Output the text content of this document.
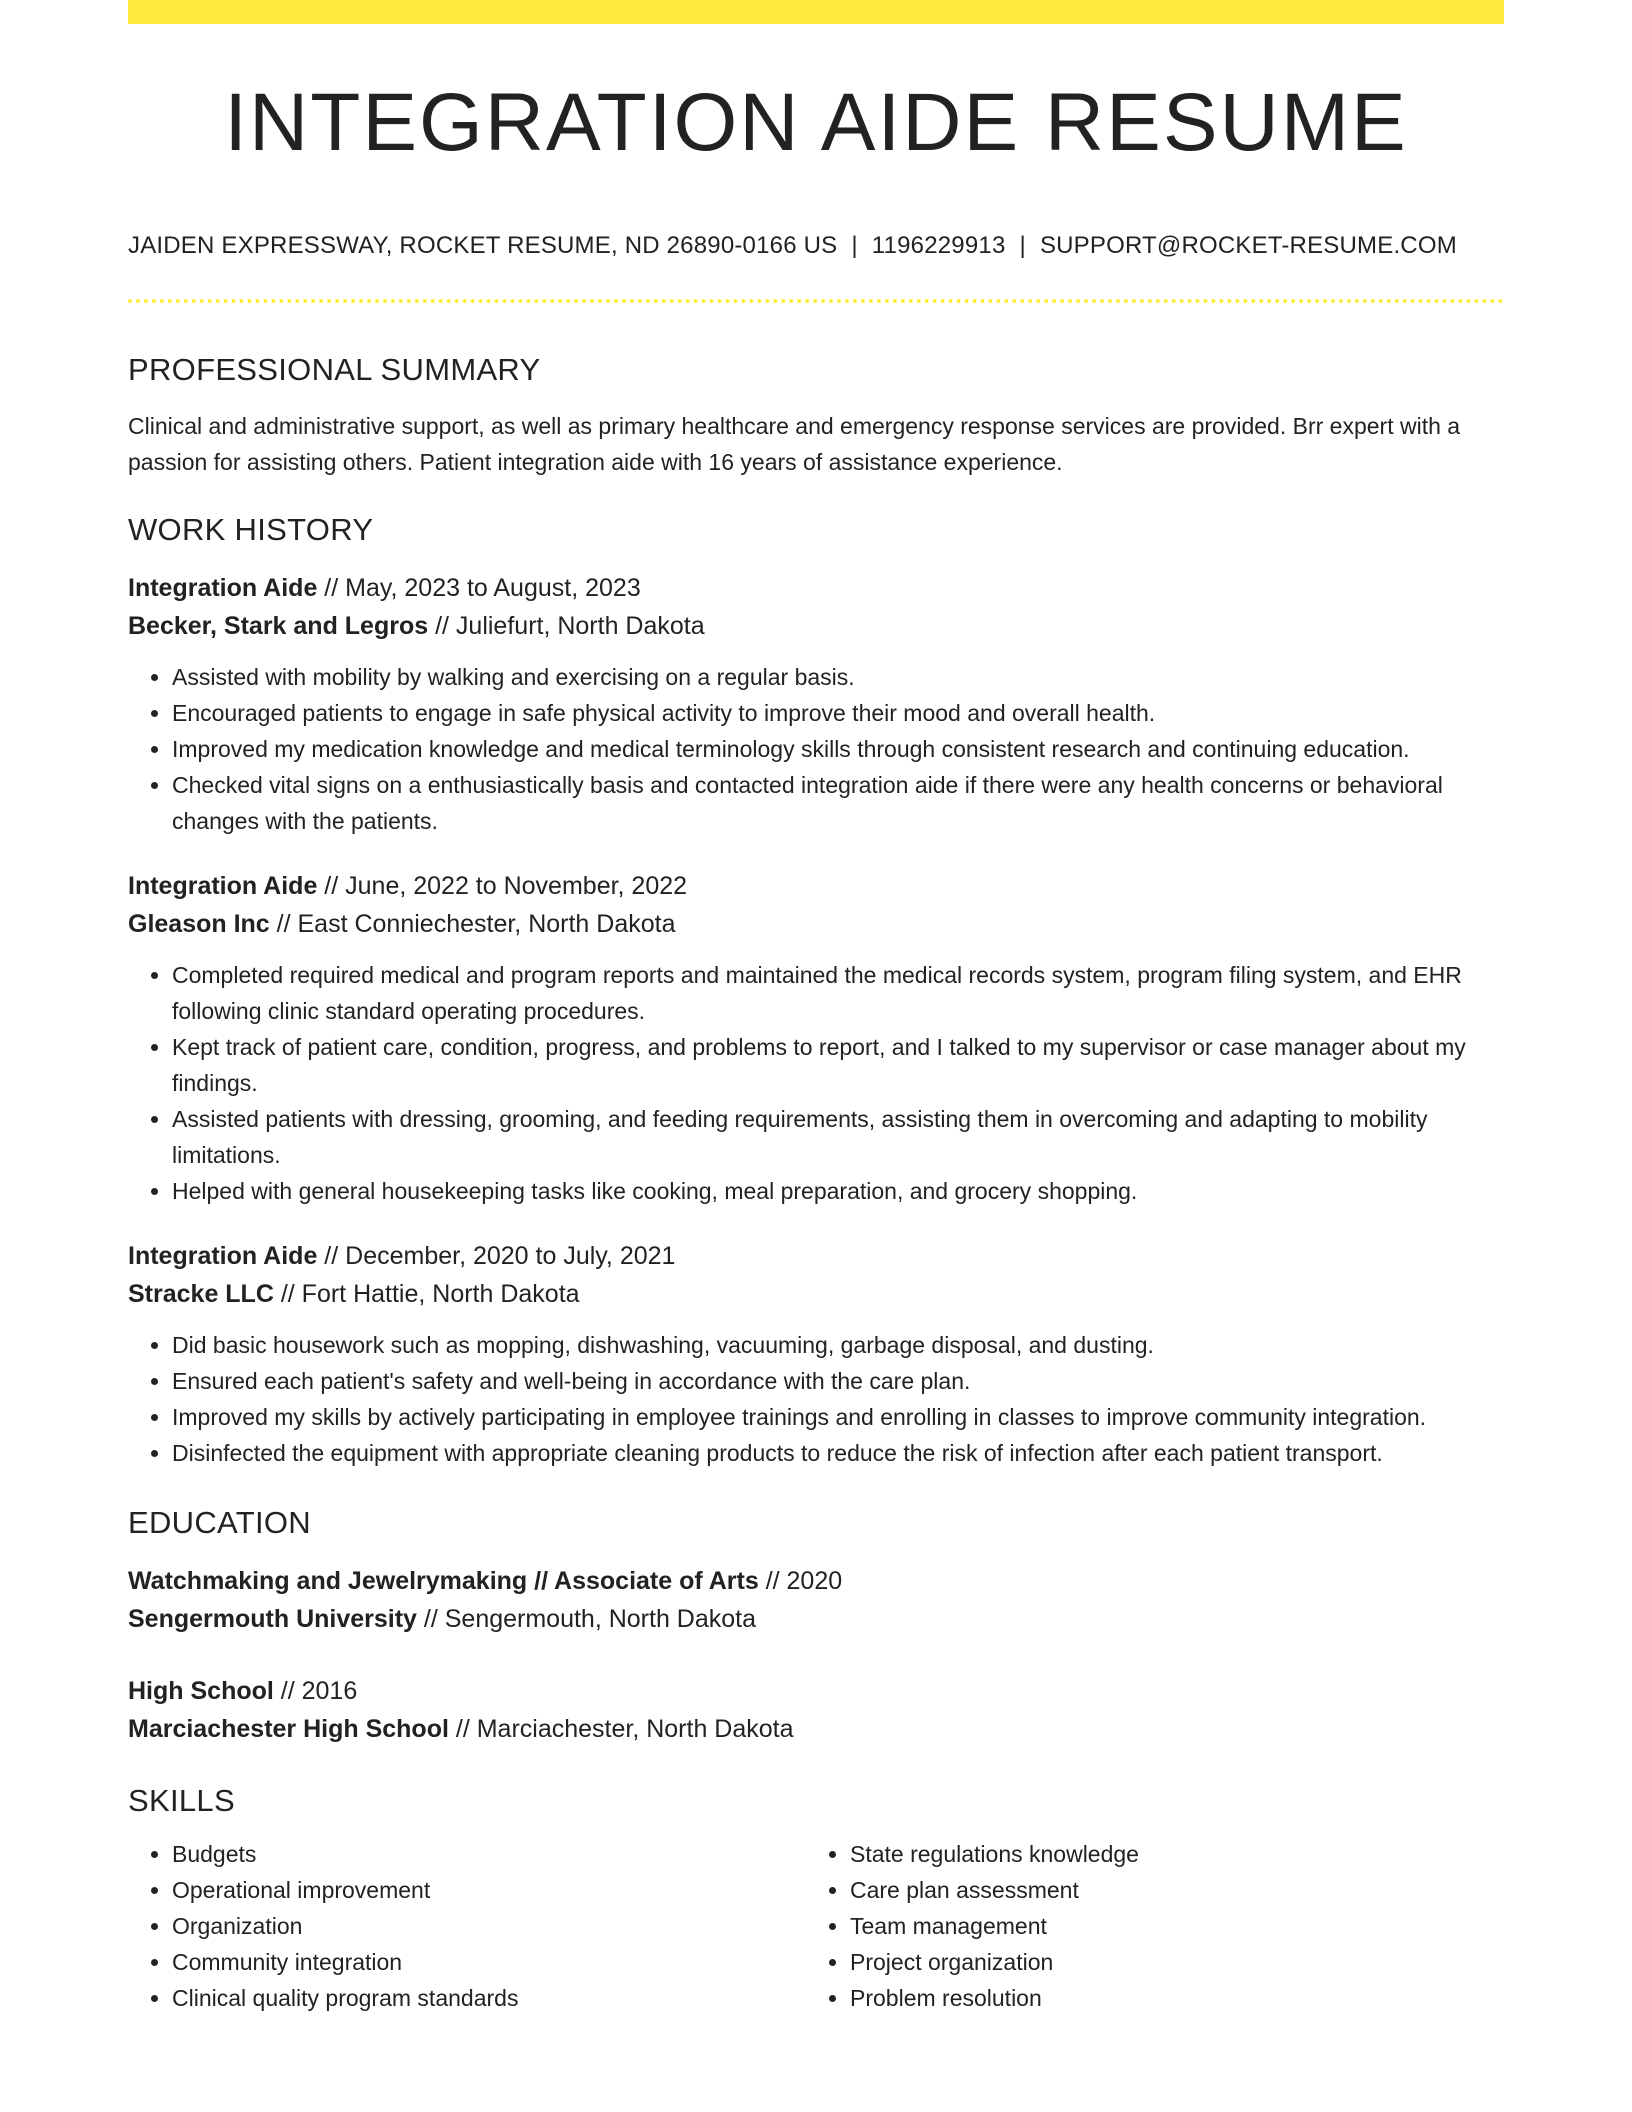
INTEGRATION AIDE RESUME
JAIDEN EXPRESSWAY, ROCKET RESUME, ND 26890-0166 US | 1196229913 | SUPPORT@ROCKET-RESUME.COM
PROFESSIONAL SUMMARY
Clinical and administrative support, as well as primary healthcare and emergency response services are provided. Brr expert with a passion for assisting others. Patient integration aide with 16 years of assistance experience.
WORK HISTORY
Integration Aide // May, 2023 to August, 2023
Becker, Stark and Legros // Juliefurt, North Dakota
• Assisted with mobility by walking and exercising on a regular basis.
• Encouraged patients to engage in safe physical activity to improve their mood and overall health.
• Improved my medication knowledge and medical terminology skills through consistent research and continuing education.
• Checked vital signs on a enthusiastically basis and contacted integration aide if there were any health concerns or behavioral changes with the patients.
Integration Aide // June, 2022 to November, 2022
Gleason Inc // East Conniechester, North Dakota
• Completed required medical and program reports and maintained the medical records system, program filing system, and EHR following clinic standard operating procedures.
• Kept track of patient care, condition, progress, and problems to report, and I talked to my supervisor or case manager about my findings.
• Assisted patients with dressing, grooming, and feeding requirements, assisting them in overcoming and adapting to mobility limitations.
• Helped with general housekeeping tasks like cooking, meal preparation, and grocery shopping.
Integration Aide // December, 2020 to July, 2021
Stracke LLC // Fort Hattie, North Dakota
• Did basic housework such as mopping, dishwashing, vacuuming, garbage disposal, and dusting.
• Ensured each patient's safety and well-being in accordance with the care plan.
• Improved my skills by actively participating in employee trainings and enrolling in classes to improve community integration.
• Disinfected the equipment with appropriate cleaning products to reduce the risk of infection after each patient transport.
EDUCATION
Watchmaking and Jewelrymaking // Associate of Arts // 2020
Sengermouth University // Sengermouth, North Dakota
High School // 2016
Marciachester High School // Marciachester, North Dakota
SKILLS
• Budgets
• Operational improvement
• Organization
• Community integration
• Clinical quality program standards
• State regulations knowledge
• Care plan assessment
• Team management
• Project organization
• Problem resolution
